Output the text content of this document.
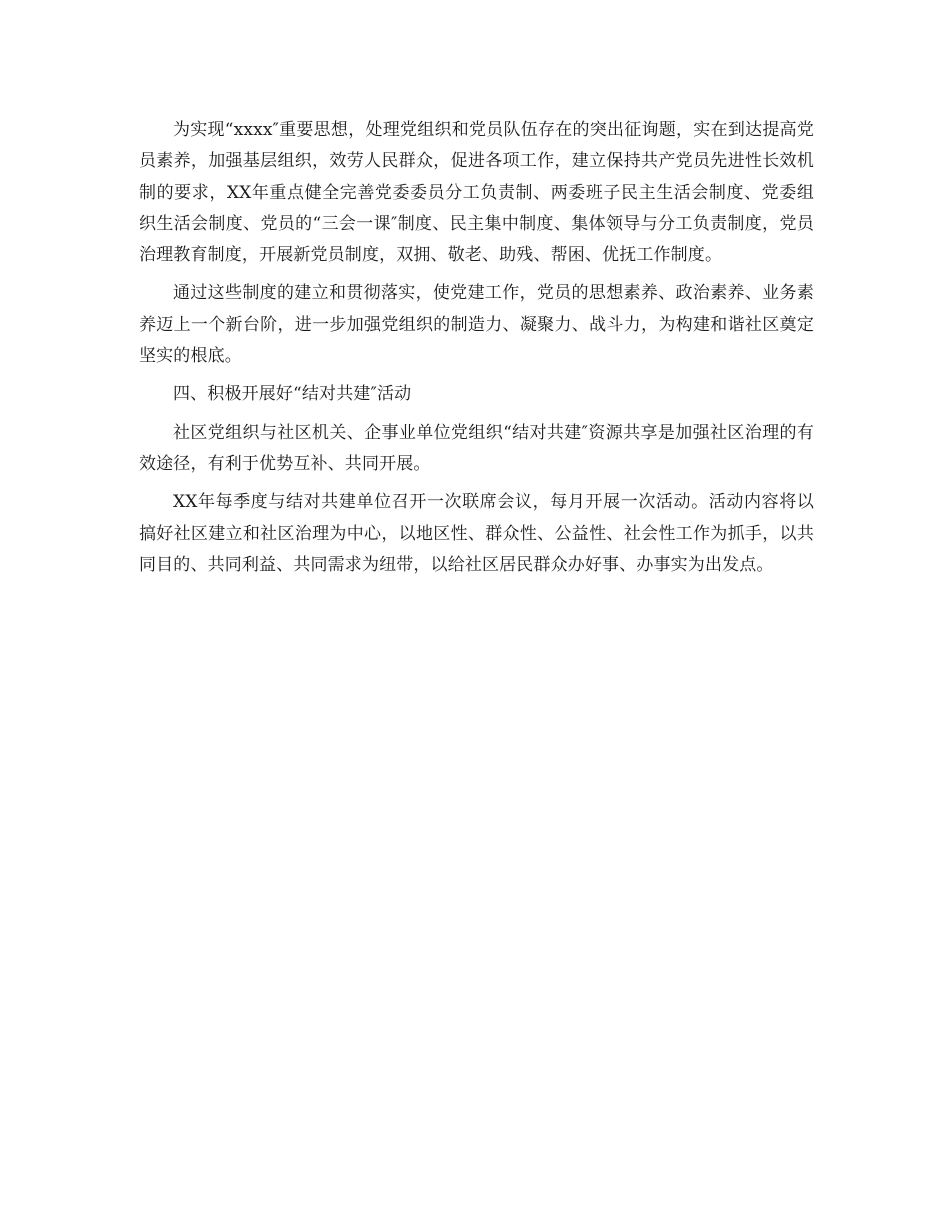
为实现“xxxx″重要思想，处理党组织和党员队伍存在的突出征询题，实在到达提高党员素养，加强基层组织，效劳人民群众，促进各项工作，建立保持共产党员先进性长效机制的要求，XX年重点健全完善党委委员分工负责制、两委班子民主生活会制度、党委组织生活会制度、党员的“三会一课″制度、民主集中制度、集体领导与分工负责制度，党员治理教育制度，开展新党员制度，双拥、敬老、助残、帮困、优抚工作制度。

通过这些制度的建立和贯彻落实，使党建工作，党员的思想素养、政治素养、业务素养迈上一个新台阶，进一步加强党组织的制造力、凝聚力、战斗力，为构建和谐社区奠定坚实的根底。

四、积极开展好“结对共建″活动

社区党组织与社区机关、企事业单位党组织“结对共建″资源共享是加强社区治理的有效途径，有利于优势互补、共同开展。

XX年每季度与结对共建单位召开一次联席会议，每月开展一次活动。活动内容将以搞好社区建立和社区治理为中心，以地区性、群众性、公益性、社会性工作为抓手，以共同目的、共同利益、共同需求为纽带，以给社区居民群众办好事、办事实为出发点。
